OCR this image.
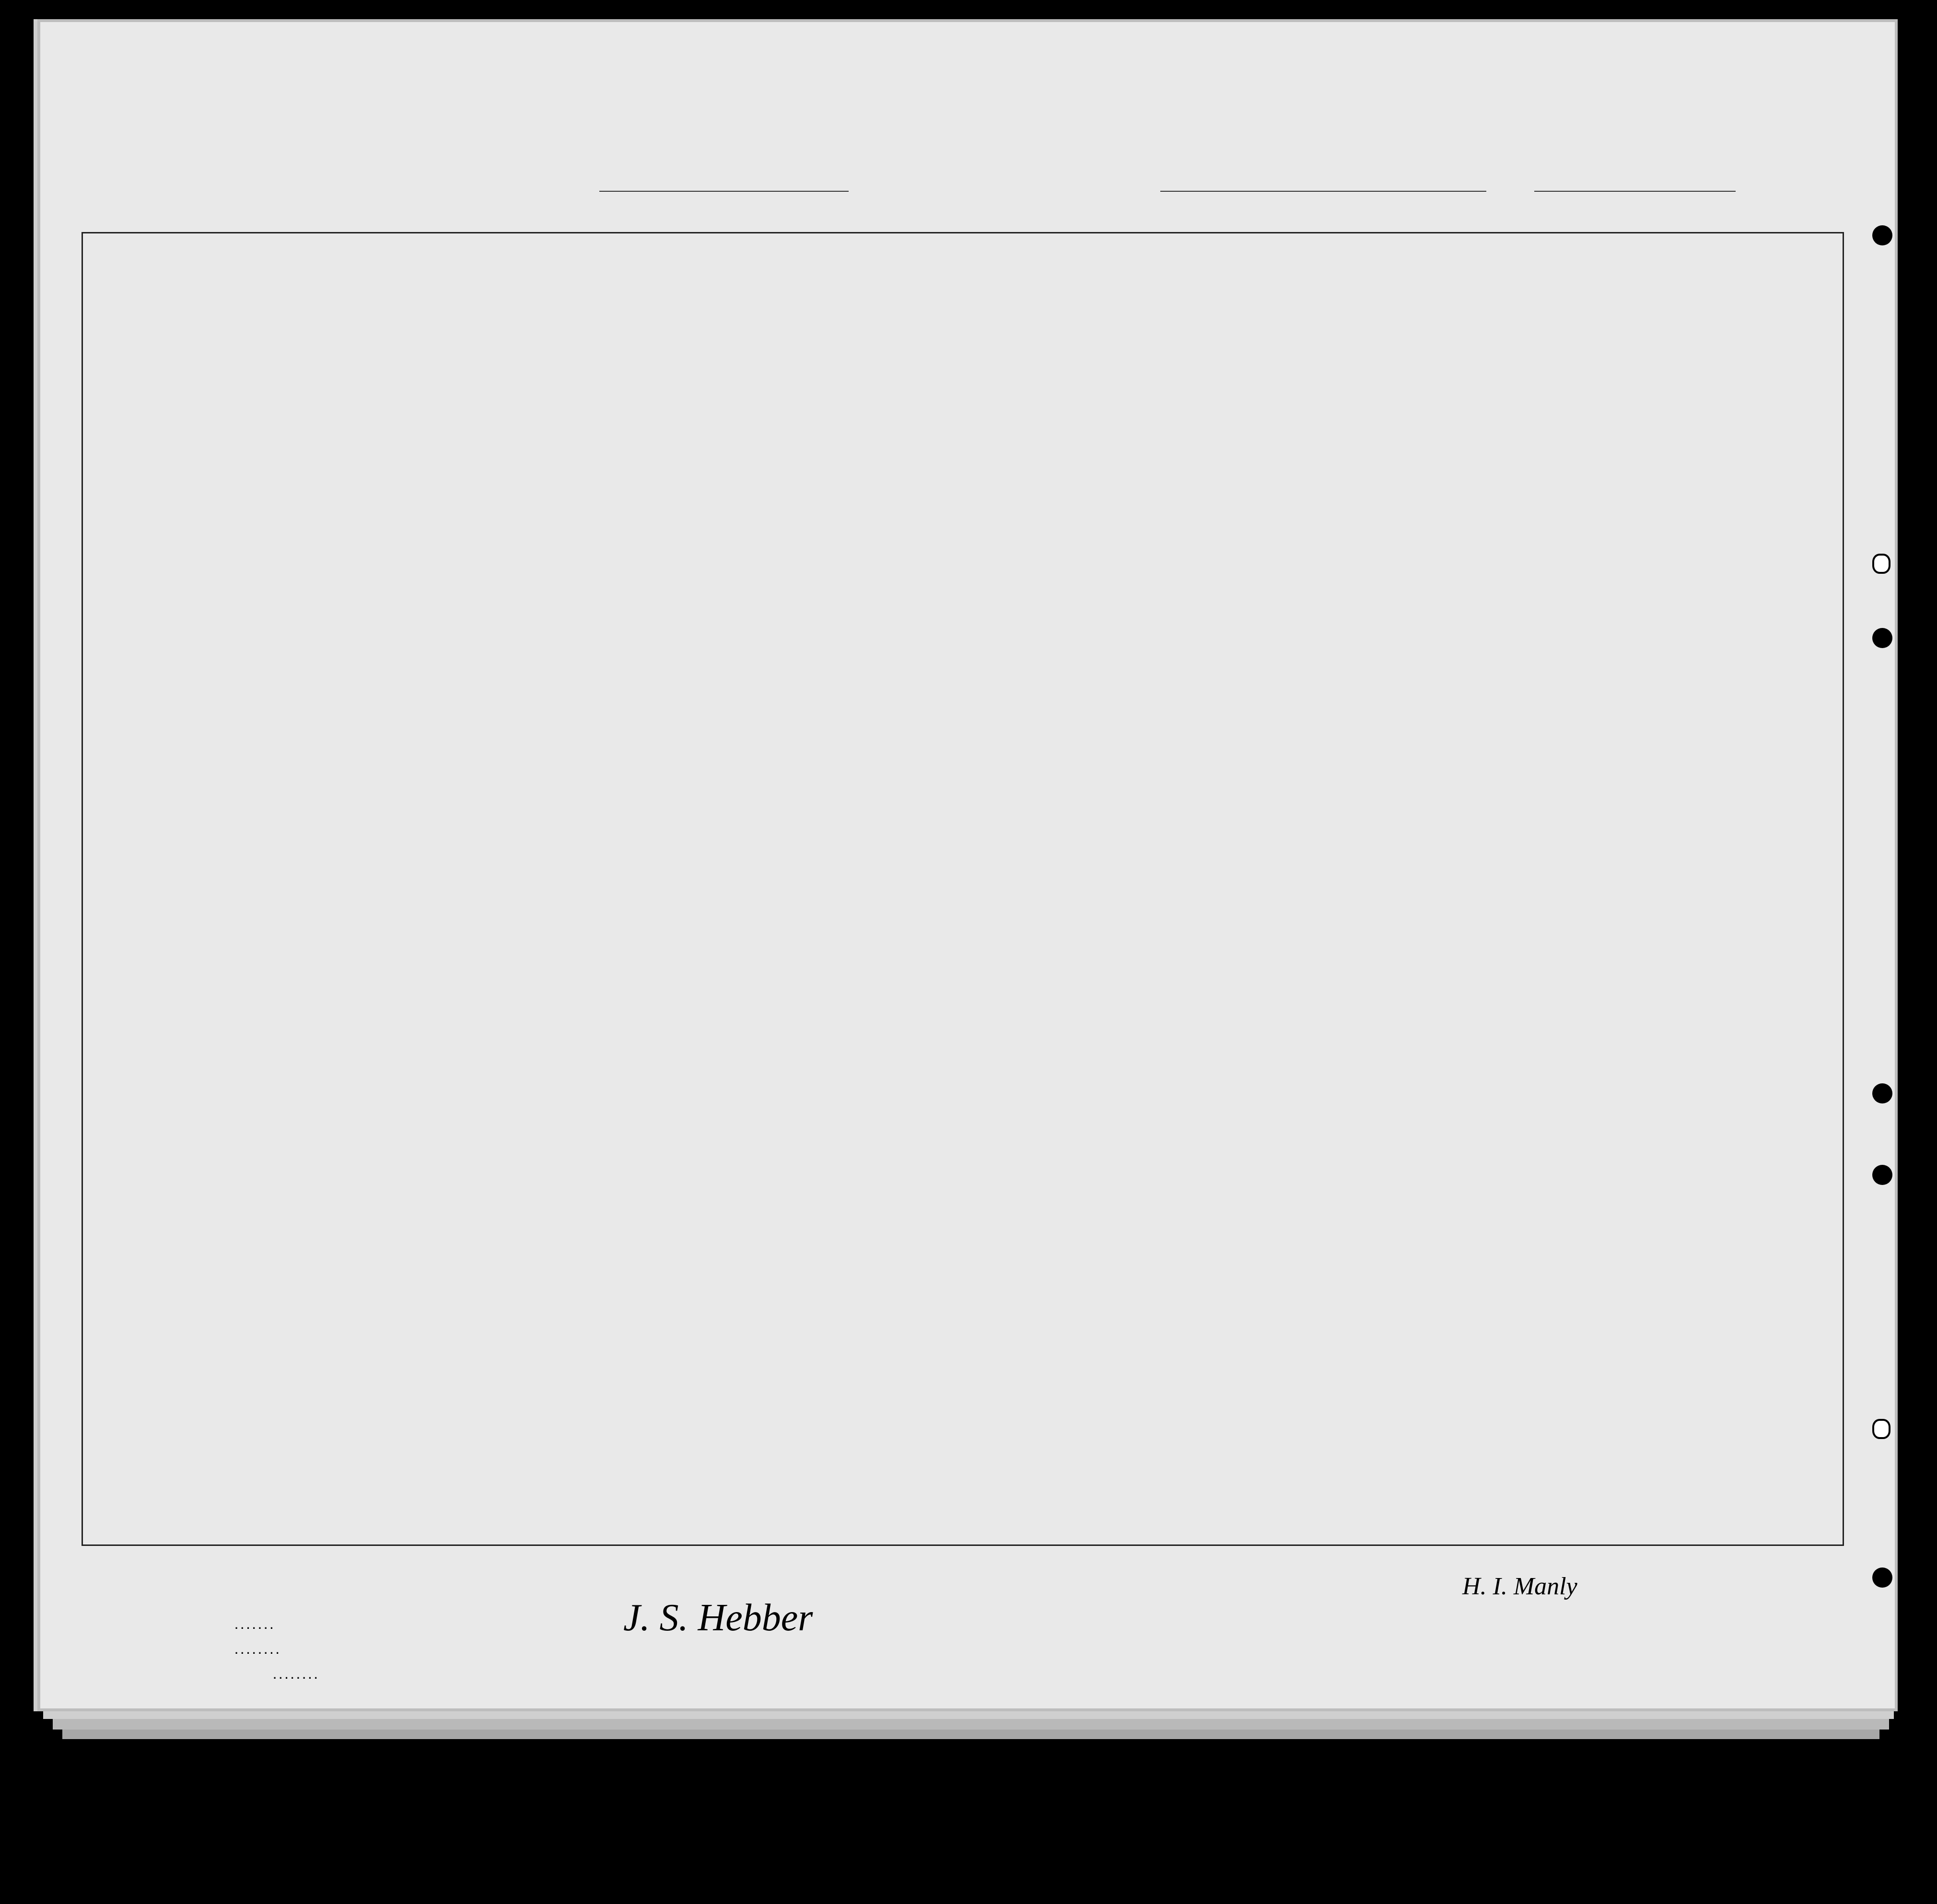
H. I. Manly

. . . . . . .
. . . . . . . .
. . . . . . . .
J. S. Hebber
